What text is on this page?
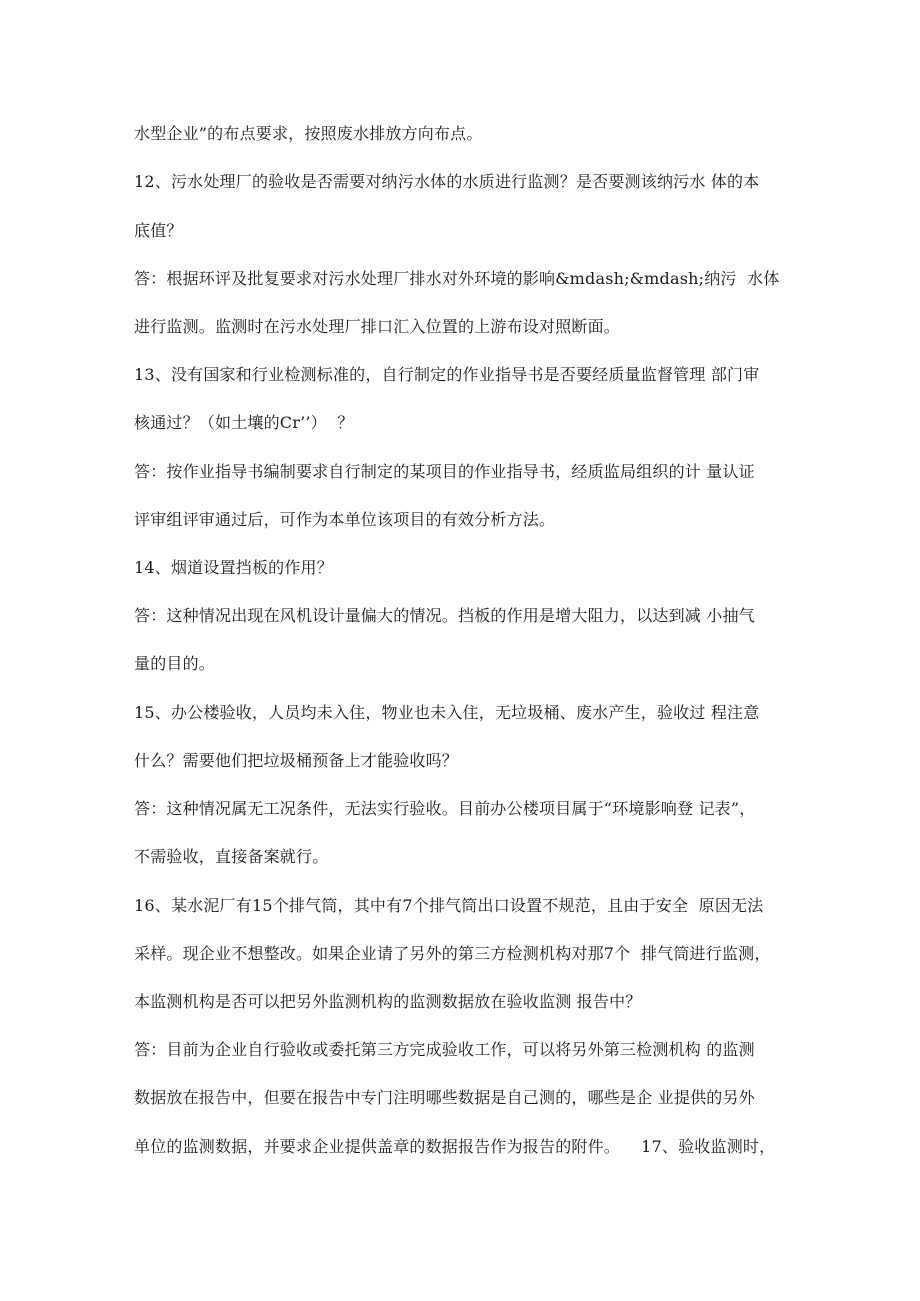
水型企业”的布点要求，按照废水排放方向布点。
12、污水处理厂的验收是否需要对纳污水体的水质进行监测？是否要测该纳污水 体的本
底值？
答：根据环评及批复要求对污水处理厂排水对外环境的影响&mdash;&mdash;纳污  水体
进行监测。监测时在污水处理厂排口汇入位置的上游布设对照断面。
13、没有国家和行业检测标准的，自行制定的作业指导书是否要经质量监督管理 部门审
核通过？（如土壤的Cr’’）  ？
答：按作业指导书编制要求自行制定的某项目的作业指导书，经质监局组织的计 量认证
评审组评审通过后，可作为本单位该项目的有效分析方法。
14、烟道设置挡板的作用？
答：这种情况出现在风机设计量偏大的情况。挡板的作用是增大阻力，以达到减 小抽气
量的目的。
15、办公楼验收，人员均未入住，物业也未入住，无垃圾桶、废水产生，验收过 程注意
什么？需要他们把垃圾桶预备上才能验收吗？
答：这种情况属无工况条件，无法实行验收。目前办公楼项目属于“环境影响登 记表”，
不需验收，直接备案就行。
16、某水泥厂有15个排气筒，其中有7个排气筒出口设置不规范，且由于安全  原因无法
采样。现企业不想整改。如果企业请了另外的第三方检测机构对那7个  排气筒进行监测，
本监测机构是否可以把另外监测机构的监测数据放在验收监测 报告中？
答：目前为企业自行验收或委托第三方完成验收工作，可以将另外第三检测机构 的监测
数据放在报告中，但要在报告中专门注明哪些数据是自己测的，哪些是企 业提供的另外
单位的监测数据，并要求企业提供盖章的数据报告作为报告的附件。    17、验收监测时，
